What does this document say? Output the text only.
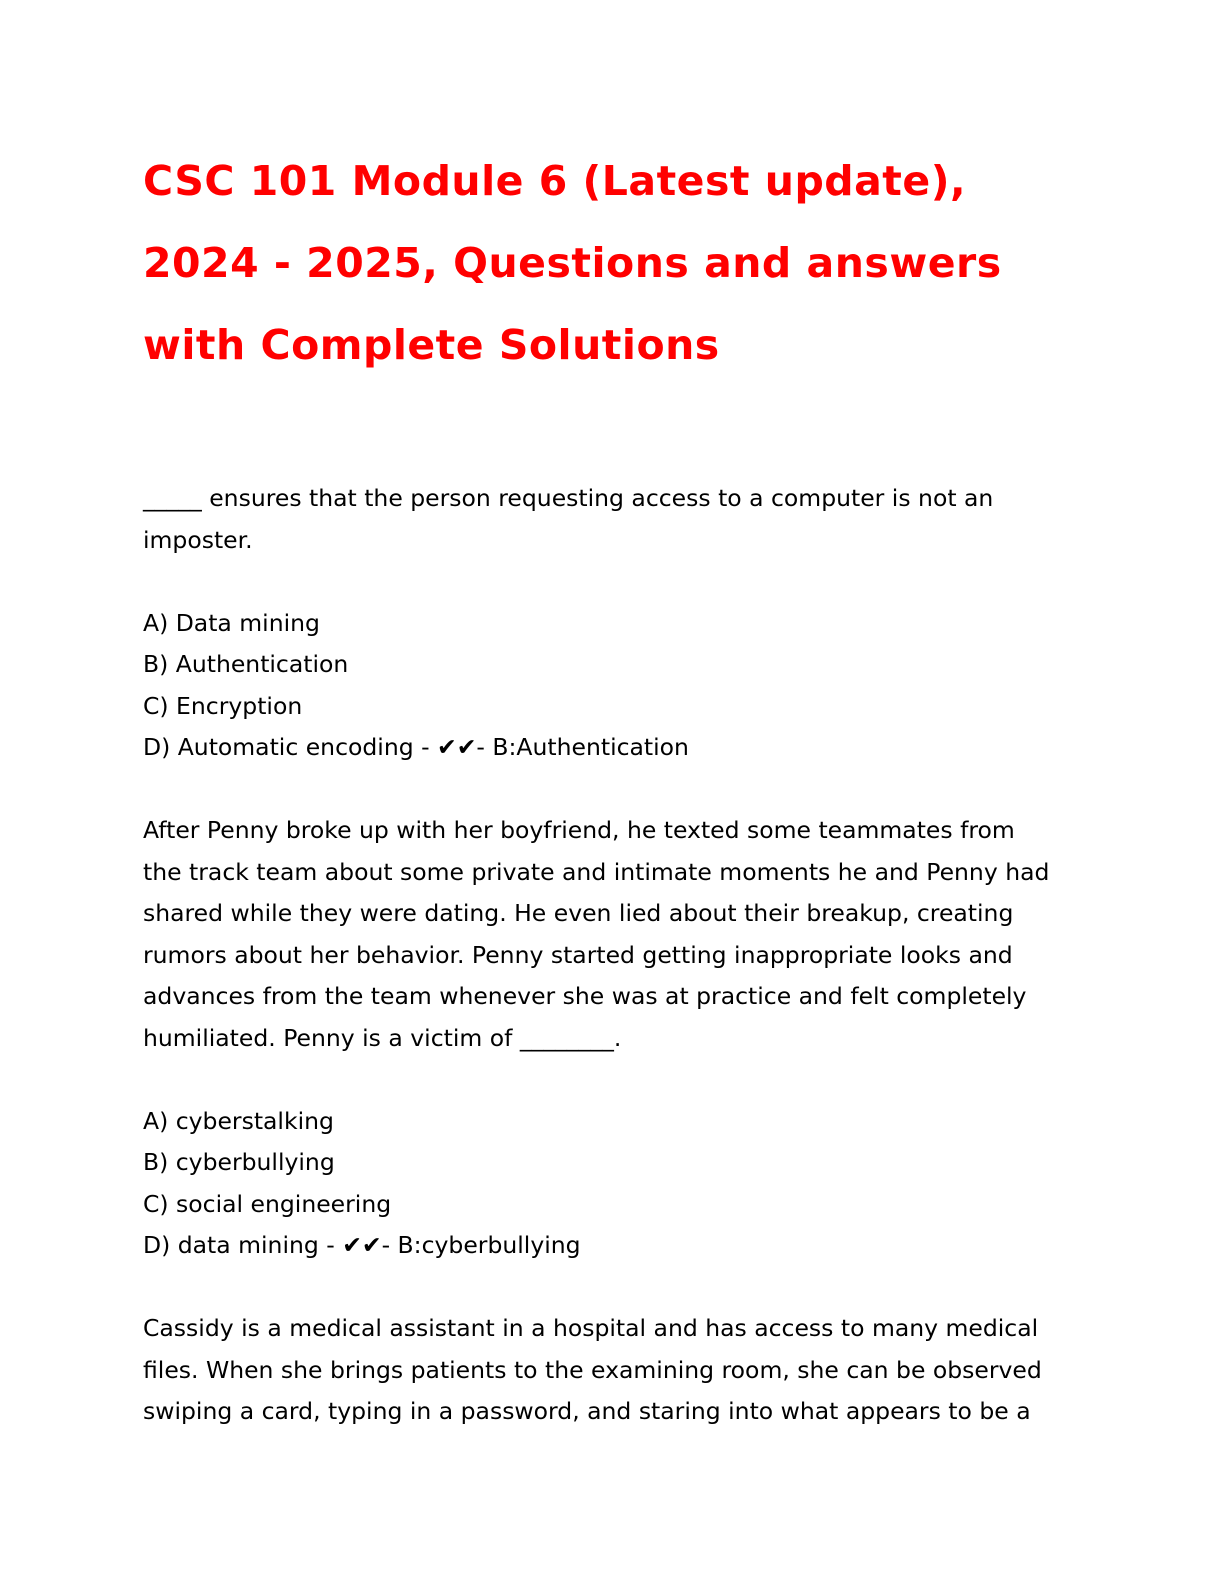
CSC 101 Module 6 (Latest update),
2024 - 2025, Questions and answers
with Complete Solutions
_____ ensures that the person requesting access to a computer is not an
imposter.
A) Data mining
B) Authentication
C) Encryption
D) Automatic encoding - ✔✔- B:Authentication
After Penny broke up with her boyfriend, he texted some teammates from
the track team about some private and intimate moments he and Penny had
shared while they were dating. He even lied about their breakup, creating
rumors about her behavior. Penny started getting inappropriate looks and
advances from the team whenever she was at practice and felt completely
humiliated. Penny is a victim of ________.
A) cyberstalking
B) cyberbullying
C) social engineering
D) data mining - ✔✔- B:cyberbullying
Cassidy is a medical assistant in a hospital and has access to many medical
files. When she brings patients to the examining room, she can be observed
swiping a card, typing in a password, and staring into what appears to be a
